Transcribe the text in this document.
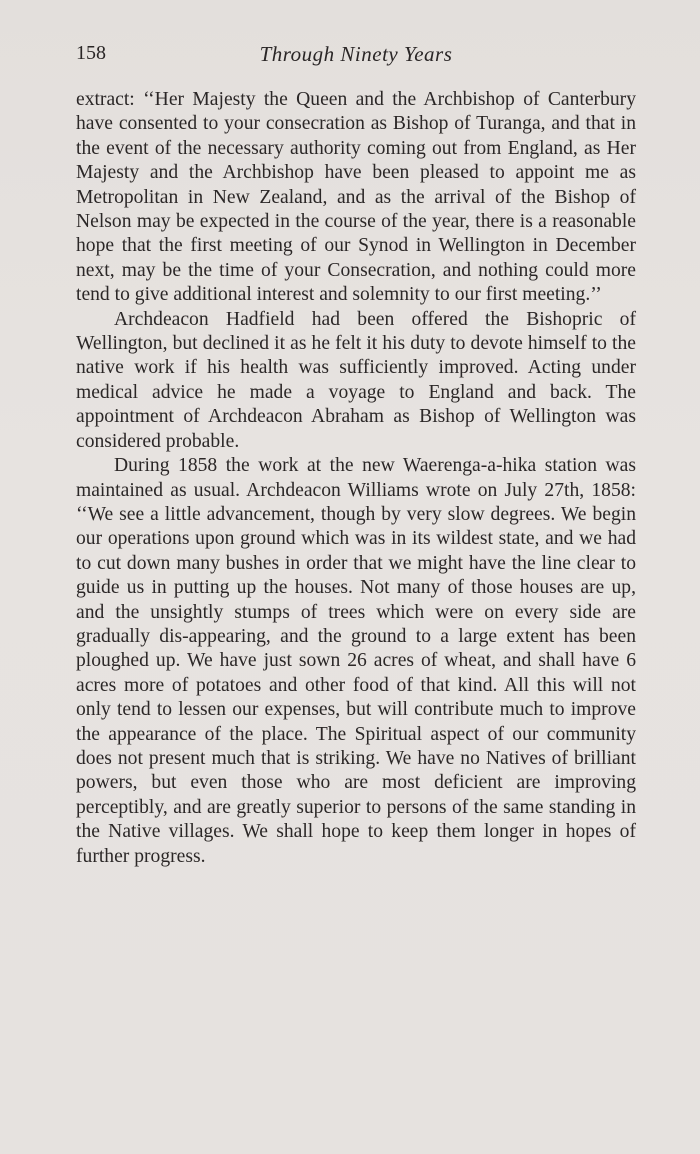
158	Through Ninety Years

extract: ‘‘Her Majesty the Queen and the Archbishop of Canterbury have consented to your consecration as Bishop of Turanga, and that in the event of the necessary authority coming out from England, as Her Majesty and the Archbishop have been pleased to appoint me as Metropolitan in New Zealand, and as the arrival of the Bishop of Nelson may be expected in the course of the year, there is a reasonable hope that the first meeting of our Synod in Wellington in December next, may be the time of your Consecration, and nothing could more tend to give additional interest and solemnity to our first meeting.’’

Archdeacon Hadfield had been offered the Bishopric of Wellington, but declined it as he felt it his duty to devote himself to the native work if his health was sufficiently improved. Acting under medical advice he made a voyage to England and back. The appointment of Archdeacon Abraham as Bishop of Wellington was considered probable.

During 1858 the work at the new Waerenga-a-hika station was maintained as usual. Archdeacon Williams wrote on July 27th, 1858: ‘‘We see a little advancement, though by very slow degrees. We begin our operations upon ground which was in its wildest state, and we had to cut down many bushes in order that we might have the line clear to guide us in putting up the houses. Not many of those houses are up, and the unsightly stumps of trees which were on every side are gradually dis-appearing, and the ground to a large extent has been ploughed up. We have just sown 26 acres of wheat, and shall have 6 acres more of potatoes and other food of that kind. All this will not only tend to lessen our expenses, but will contribute much to improve the appearance of the place. The Spiritual aspect of our community does not present much that is striking. We have no Natives of brilliant powers, but even those who are most deficient are improving perceptibly, and are greatly superior to persons of the same standing in the Native villages. We shall hope to keep them longer in hopes of further progress.
